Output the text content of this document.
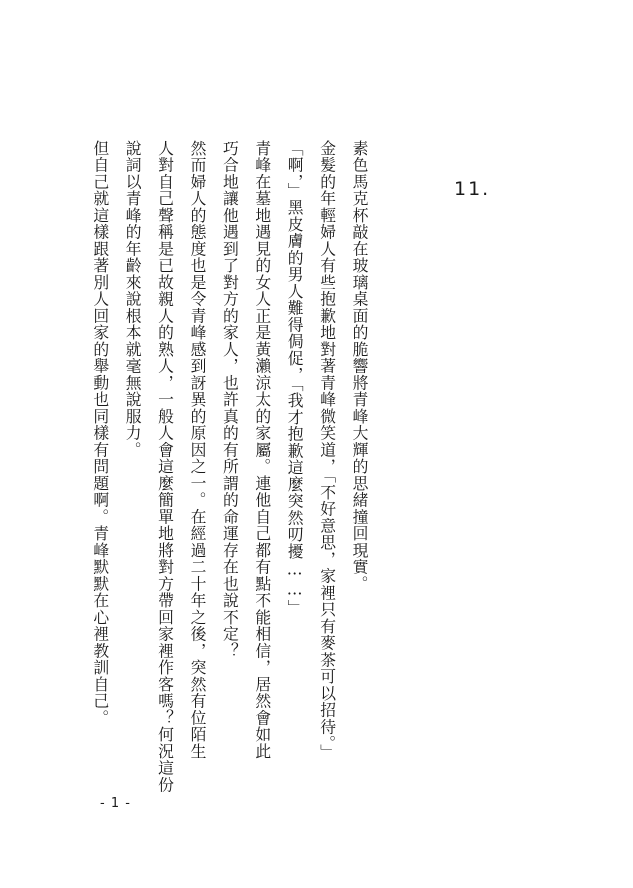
11.

素色馬克杯敲在玻璃桌面的脆響將青峰大輝的思緒撞回現實。

金髮的年輕婦人有些抱歉地對著青峰微笑道，「不好意思，家裡只有麥茶可以招待。」

「啊，」黑皮膚的男人難得侷促，「我才抱歉這麼突然叨擾……」

青峰在墓地遇見的女人正是黃瀨涼太的家屬。連他自己都有點不能相信，居然會如此

巧合地讓他遇到了對方的家人，也許真的有所謂的命運存在也說不定？

然而婦人的態度也是令青峰感到訝異的原因之一。在經過二十年之後，突然有位陌生

人對自己聲稱是已故親人的熟人，一般人會這麼簡單地將對方帶回家裡作客嗎？何況這份

說詞以青峰的年齡來說根本就毫無說服力。

但自己就這樣跟著別人回家的舉動也同樣有問題啊。青峰默默在心裡教訓自己。

- 1 -
